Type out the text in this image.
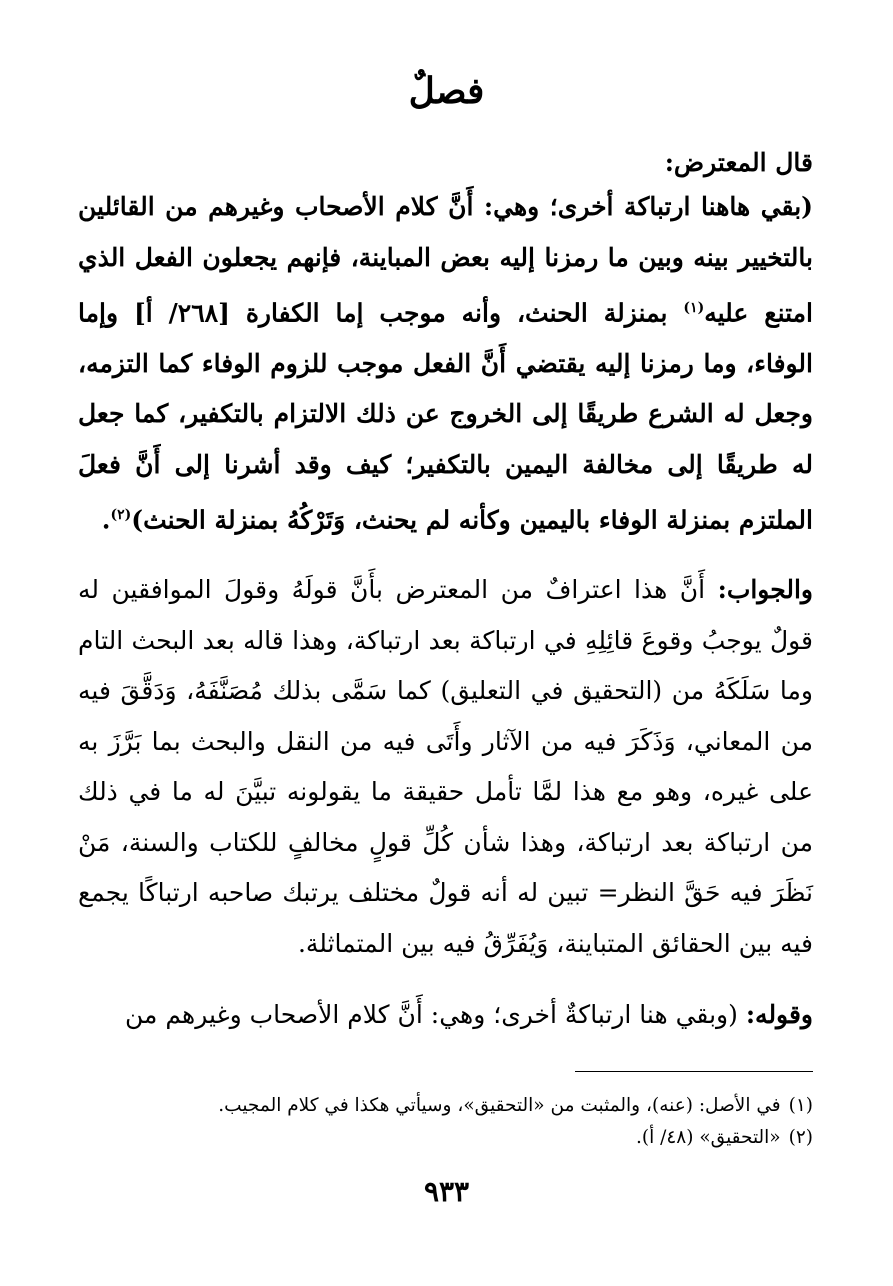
فصلٌ
قال المعترض:
(بقي هاهنا ارتباكة أخرى؛ وهي: أَنَّ كلام الأصحاب وغيرهم من القائلين بالتخيير بينه وبين ما رمزنا إليه بعض المباينة، فإنهم يجعلون الفعل الذي امتنع عليه$^{(١)}$ بمنزلة الحنث، وأنه موجب إما الكفارة [٢٦٨/ أ] وإما الوفاء، وما رمزنا إليه يقتضي أَنَّ الفعل موجب للزوم الوفاء كما التزمه، وجعل له الشرع طريقًا إلى الخروج عن ذلك الالتزام بالتكفير، كما جعل له طريقًا إلى مخالفة اليمين بالتكفير؛ كيف وقد أشرنا إلى أَنَّ فعلَ الملتزم بمنزلة الوفاء باليمين وكأنه لم يحنث، وَتَرْكُهُ بمنزلة الحنث)$^{(٢)}$.
والجواب: أَنَّ هذا اعترافٌ من المعترض بأَنَّ قولَهُ وقولَ الموافقين له قولٌ يوجبُ وقوعَ قائِلِهِ في ارتباكة بعد ارتباكة، وهذا قاله بعد البحث التام وما سَلَكَهُ من (التحقيق في التعليق) كما سَمَّى بذلك مُصَنَّفَهُ، وَدَقَّقَ فيه من المعاني، وَذَكَرَ فيه من الآثار وأَتَى فيه من النقل والبحث بما بَرَّزَ به على غيره، وهو مع هذا لمَّا تأمل حقيقة ما يقولونه تبيَّنَ له ما في ذلك من ارتباكة بعد ارتباكة، وهذا شأن كُلِّ قولٍ مخالفٍ للكتاب والسنة، مَنْ نَظَرَ فيه حَقَّ النظر= تبين له أنه قولٌ مختلف يرتبك صاحبه ارتباكًا يجمع فيه بين الحقائق المتباينة، وَيُفَرِّقُ فيه بين المتماثلة.
وقوله: (وبقي هنا ارتباكةٌ أخرى؛ وهي: أَنَّ كلام الأصحاب وغيرهم من
(١)في الأصل: (عنه)، والمثبت من «التحقيق»، وسيأتي هكذا في كلام المجيب.
(٢)«التحقيق» (٤٨/ أ).
٩٣٣
